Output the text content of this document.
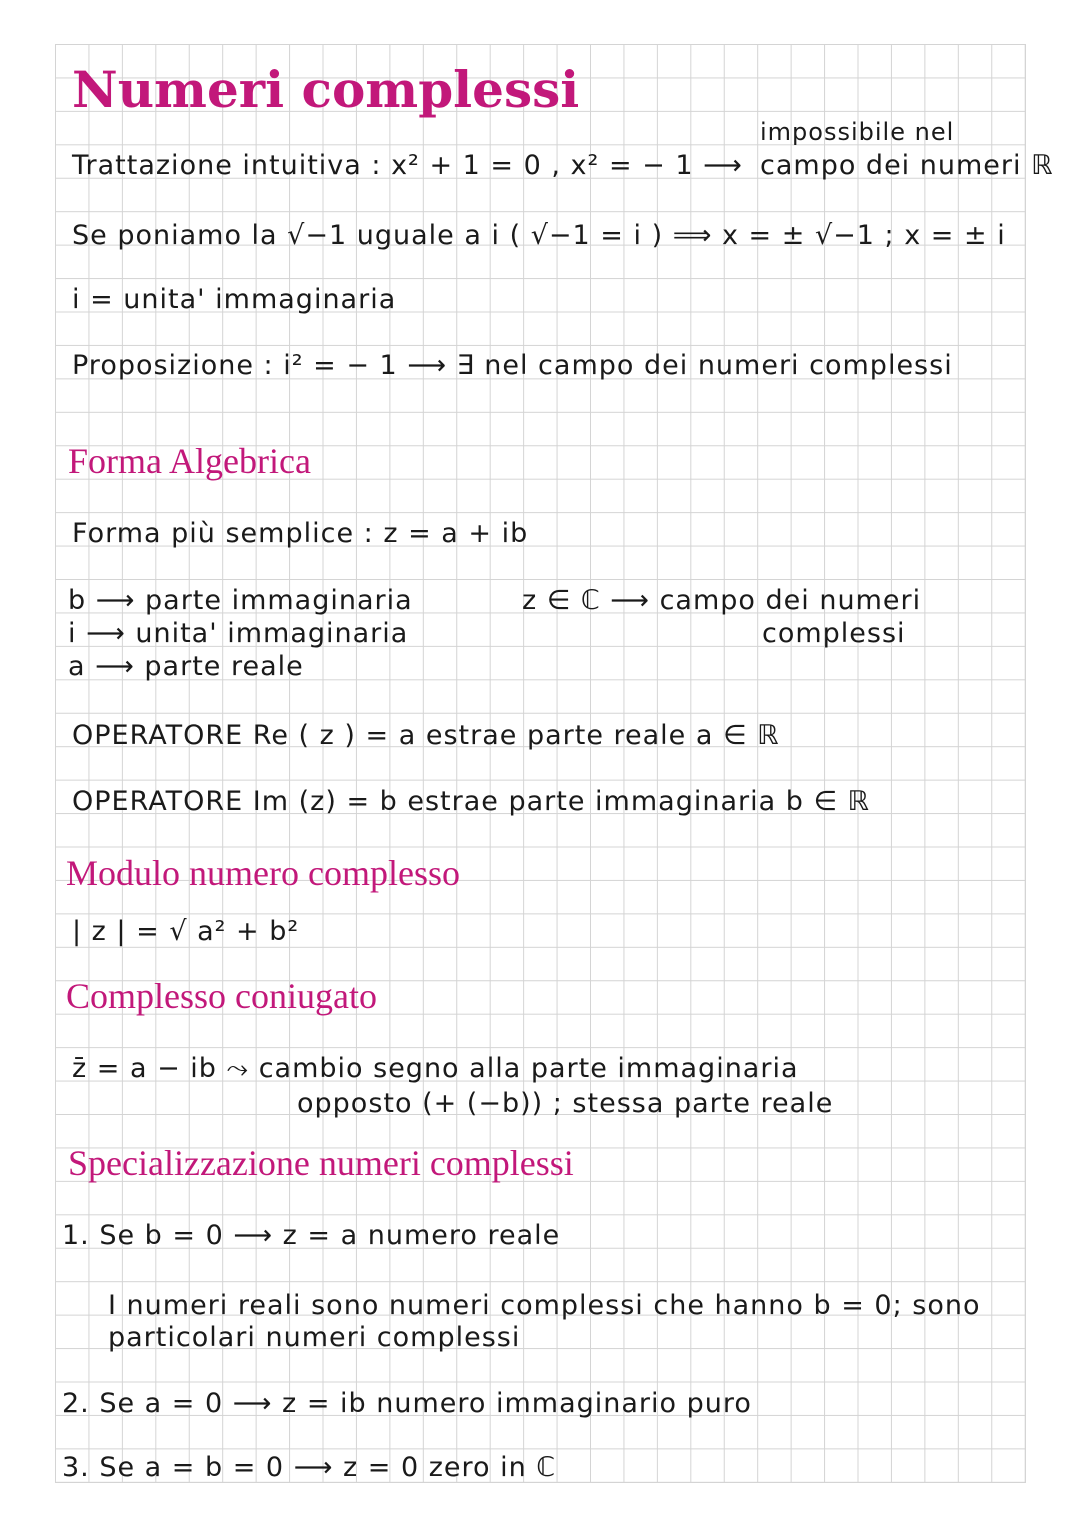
Numeri complessi
impossibile nel
Trattazione intuitiva : x² + 1 = 0 , x² = − 1 ⟶ campo dei numeri ℝ
Se poniamo la √−1 uguale a i ( √−1 = i ) ⟹ x = ± √−1 ; x = ± i
i = unita' immaginaria
Proposizione : i² = − 1 ⟶ ∃ nel campo dei numeri complessi
Forma Algebrica
Forma più semplice : z = a + ib
b ⟶ parte immaginaria
i ⟶ unita' immaginaria
a ⟶ parte reale
z ∈ ℂ ⟶ campo dei numeri
complessi
OPERATORE Re ( z ) = a estrae parte reale a ∈ ℝ
OPERATORE Im (z) = b estrae parte immaginaria b ∈ ℝ
Modulo numero complesso
| z | = √ a² + b²
Complesso coniugato
z̄ = a − ib ⤳ cambio segno alla parte immaginaria
opposto (+ (−b)) ; stessa parte reale
Specializzazione numeri complessi
1. Se b = 0 ⟶ z = a numero reale
I numeri reali sono numeri complessi che hanno b = 0; sono
particolari numeri complessi
2. Se a = 0 ⟶ z = ib numero immaginario puro
3. Se a = b = 0 ⟶ z = 0 zero in ℂ
